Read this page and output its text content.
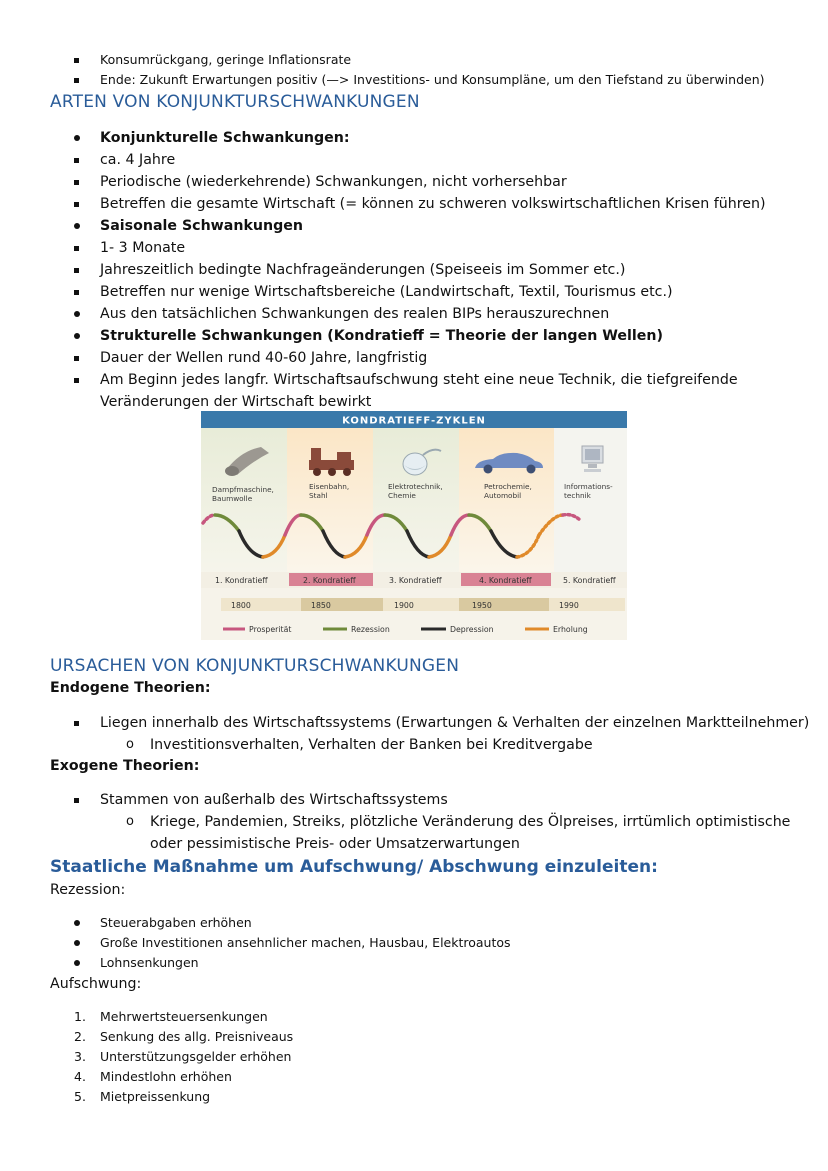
Konsumrückgang, geringe Inflationsrate
Ende: Zukunft Erwartungen positiv (—> Investitions- und Konsumpläne, um den Tiefstand zu überwinden)
ARTEN VON KONJUNKTURSCHWANKUNGEN
Konjunkturelle Schwankungen:
ca. 4 Jahre
Periodische (wiederkehrende) Schwankungen, nicht vorhersehbar
Betreffen die gesamte Wirtschaft (= können zu schweren volkswirtschaftlichen Krisen führen)
Saisonale Schwankungen
1- 3 Monate
Jahreszeitlich bedingte Nachfrageänderungen (Speiseeis im Sommer etc.)
Betreffen nur wenige Wirtschaftsbereiche (Landwirtschaft, Textil, Tourismus etc.)
Aus den tatsächlichen Schwankungen des realen BIPs herauszurechnen
Strukturelle Schwankungen (Kondratieff = Theorie der langen Wellen)
Dauer der Wellen rund 40-60 Jahre, langfristig
Am Beginn jedes langfr. Wirtschaftsaufschwung steht eine neue Technik, die tiefgreifende
Veränderungen der Wirtschaft bewirkt
KONDRATIEFF-ZYKLEN
Dampfmaschine,
Baumwolle
Eisenbahn,
Stahl
Elektrotechnik,
Chemie
Petrochemie,
Automobil
Informations-
technik
1. Kondratieff	2. Kondratieff	3. Kondratieff	4. Kondratieff	5. Kondratieff
1800	1850	1900	1950	1990
Prosperität	Rezession	Depression	Erholung
URSACHEN VON KONJUNKTURSCHWANKUNGEN
Endogene Theorien:
Liegen innerhalb des Wirtschaftssystems (Erwartungen & Verhalten der einzelnen Marktteilnehmer)
o Investitionsverhalten, Verhalten der Banken bei Kreditvergabe
Exogene Theorien:
Stammen von außerhalb des Wirtschaftssystems
o Kriege, Pandemien, Streiks, plötzliche Veränderung des Ölpreises, irrtümlich optimistische
oder pessimistische Preis- oder Umsatzerwartungen
Staatliche Maßnahme um Aufschwung/ Abschwung einzuleiten:
Rezession:
Steuerabgaben erhöhen
Große Investitionen ansehnlicher machen, Hausbau, Elektroautos
Lohnsenkungen
Aufschwung:
1. Mehrwertsteuersenkungen
2. Senkung des allg. Preisniveaus
3. Unterstützungsgelder erhöhen
4. Mindestlohn erhöhen
5. Mietpreissenkung
